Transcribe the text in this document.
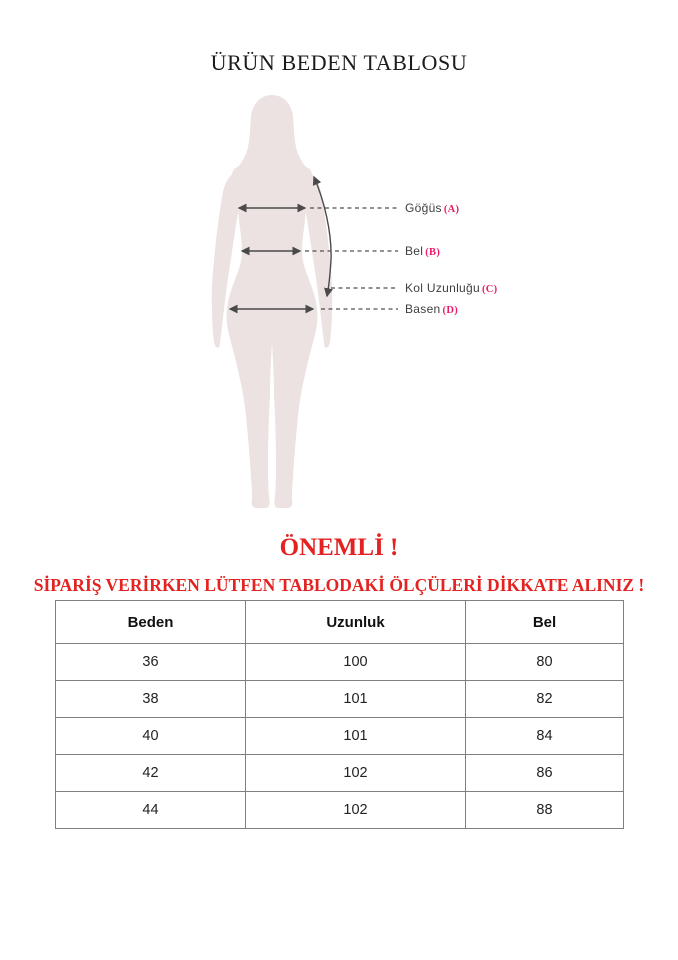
ÜRÜN BEDEN TABLOSU
Göğüs (A)
Bel (B)
Kol Uzunluğu (C)
Basen (D)
ÖNEMLİ !
SİPARİŞ VERİRKEN LÜTFEN TABLODAKİ ÖLÇÜLERİ DİKKATE ALINIZ !
Beden	Uzunluk	Bel
36	100	80
38	101	82
40	101	84
42	102	86
44	102	88
